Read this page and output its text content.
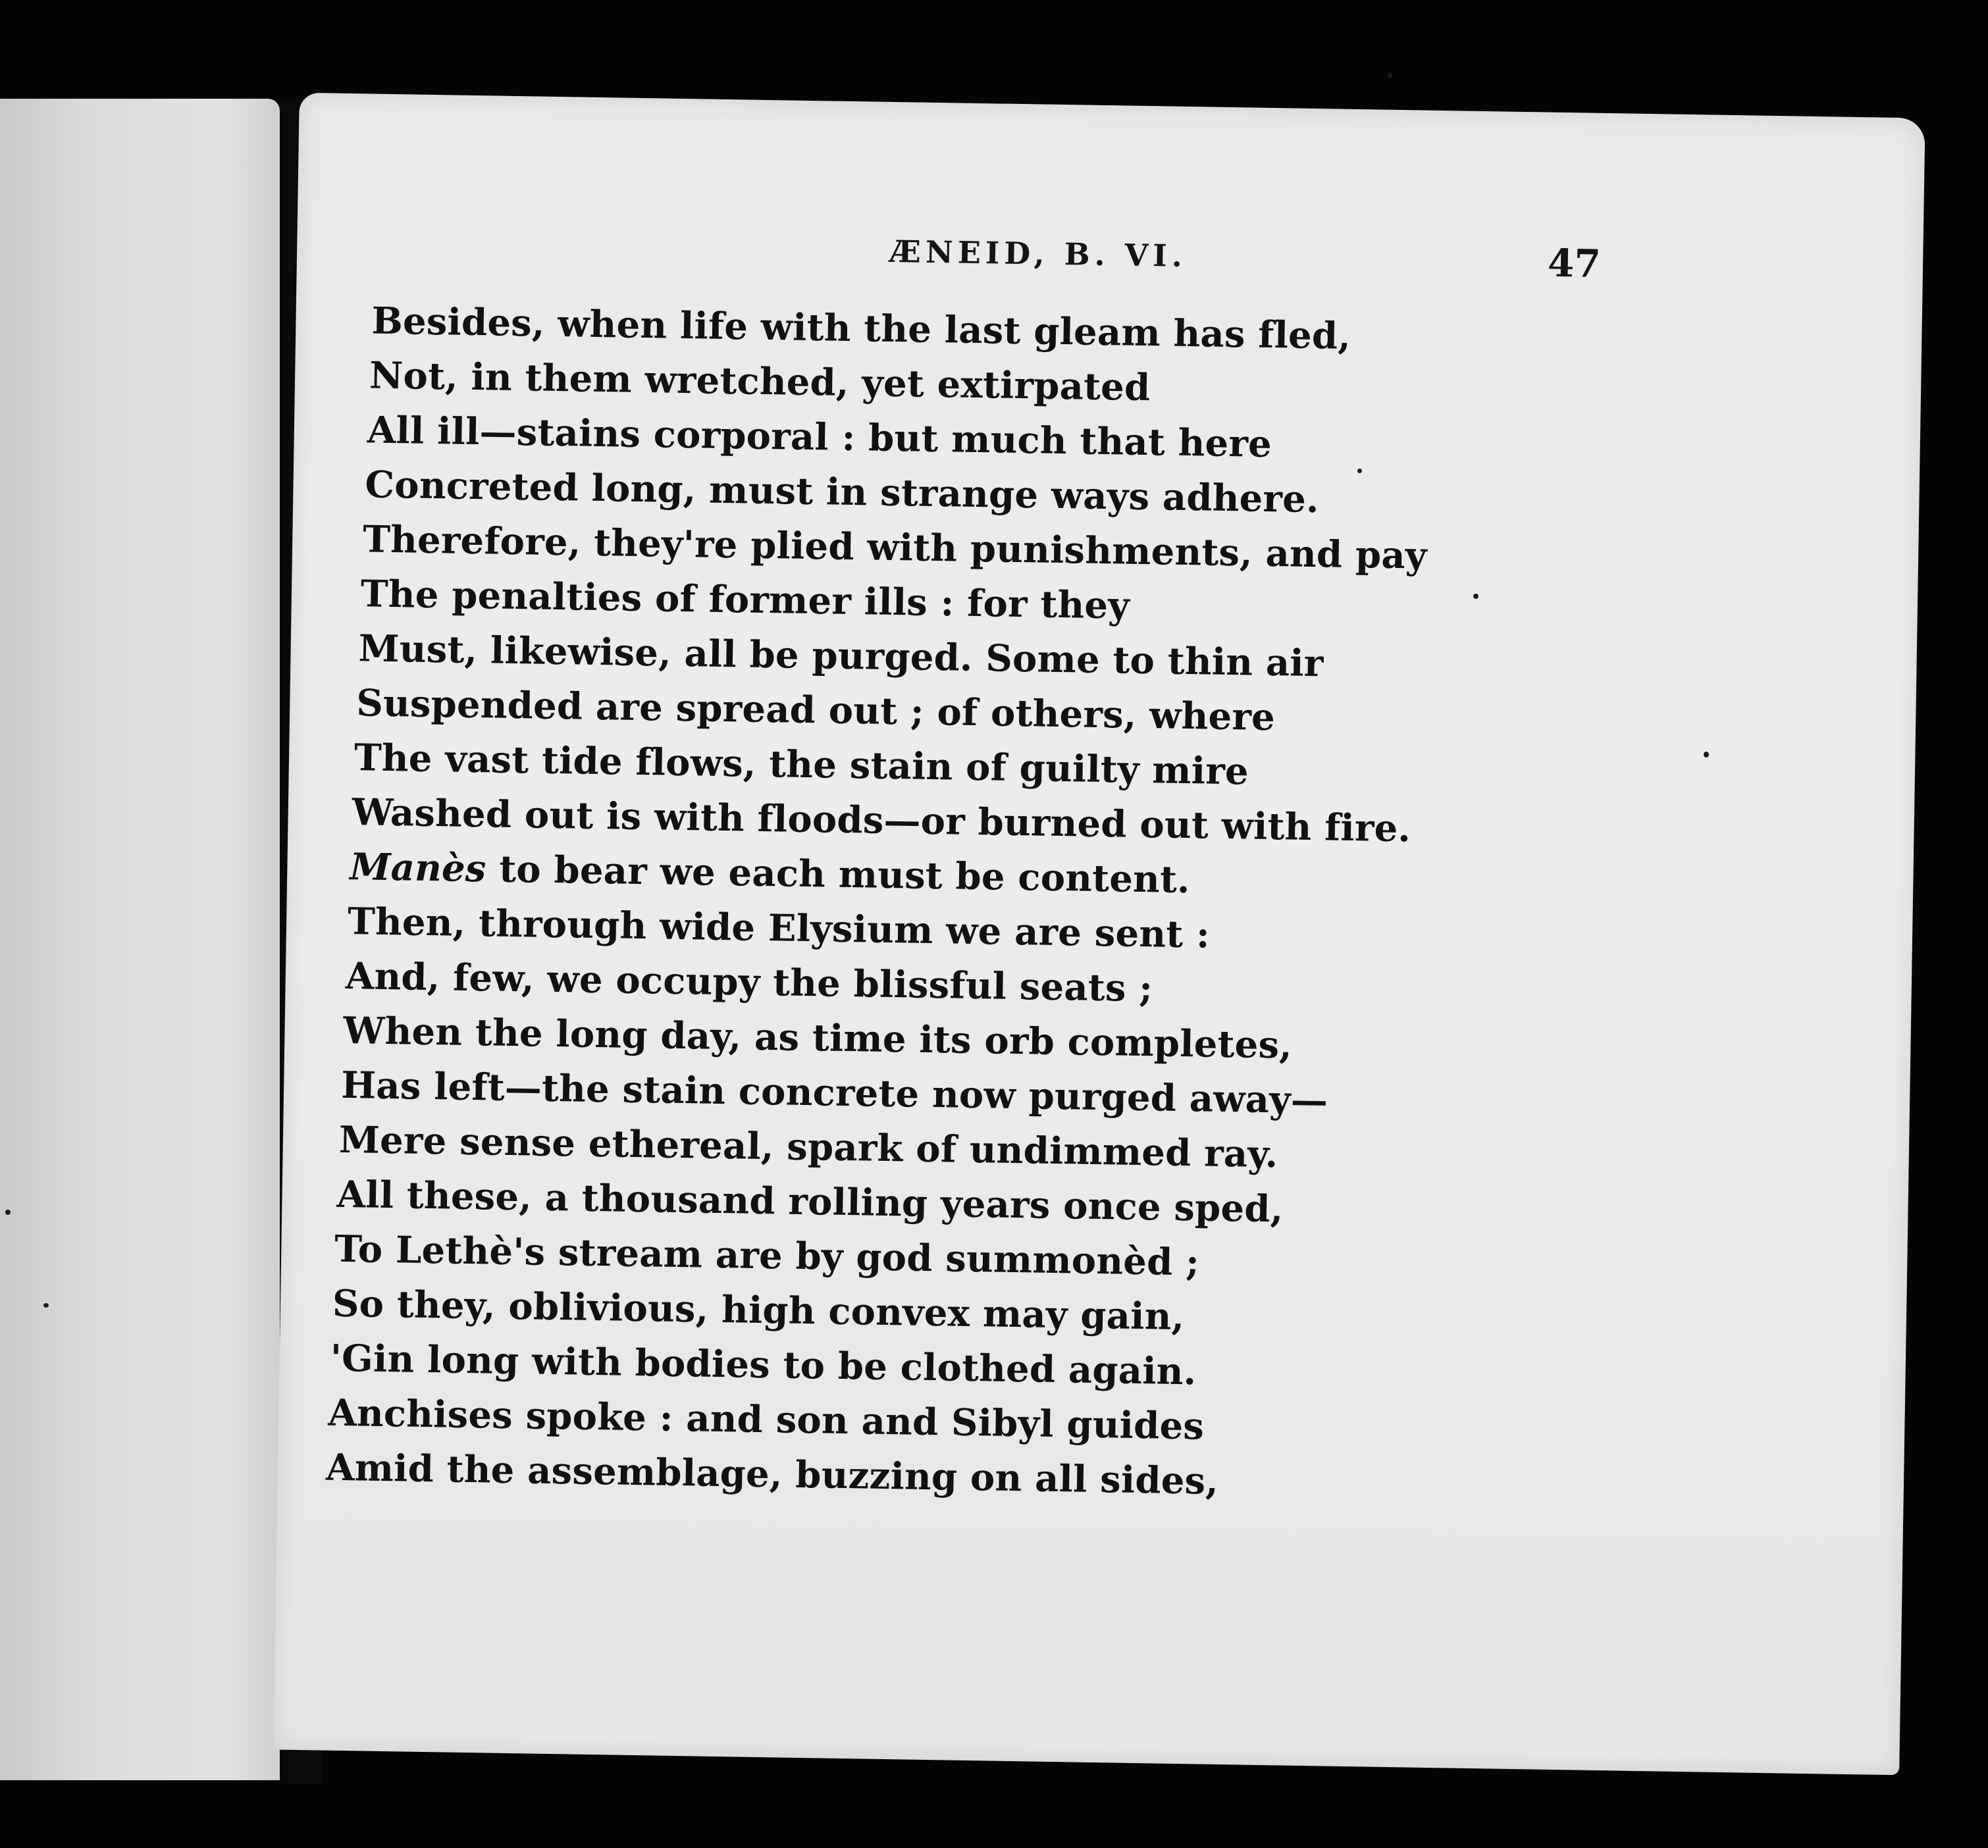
ÆNEID, B. VI.	47
Besides, when life with the last gleam has fled,
Not, in them wretched, yet extirpated
All ill—stains corporal : but much that here
Concreted long, must in strange ways adhere.
Therefore, they're plied with punishments, and pay
The penalties of former ills : for they
Must, likewise, all be purged. Some to thin air
Suspended are spread out ; of others, where
The vast tide flows, the stain of guilty mire
Washed out is with floods—or burned out with fire.
Manès to bear we each must be content.
Then, through wide Elysium we are sent :
And, few, we occupy the blissful seats ;
When the long day, as time its orb completes,
Has left—the stain concrete now purged away—
Mere sense ethereal, spark of undimmed ray.
All these, a thousand rolling years once sped,
To Lethè's stream are by god summonèd ;
So they, oblivious, high convex may gain,
'Gin long with bodies to be clothed again.
Anchises spoke : and son and Sibyl guides
Amid the assemblage, buzzing on all sides,
